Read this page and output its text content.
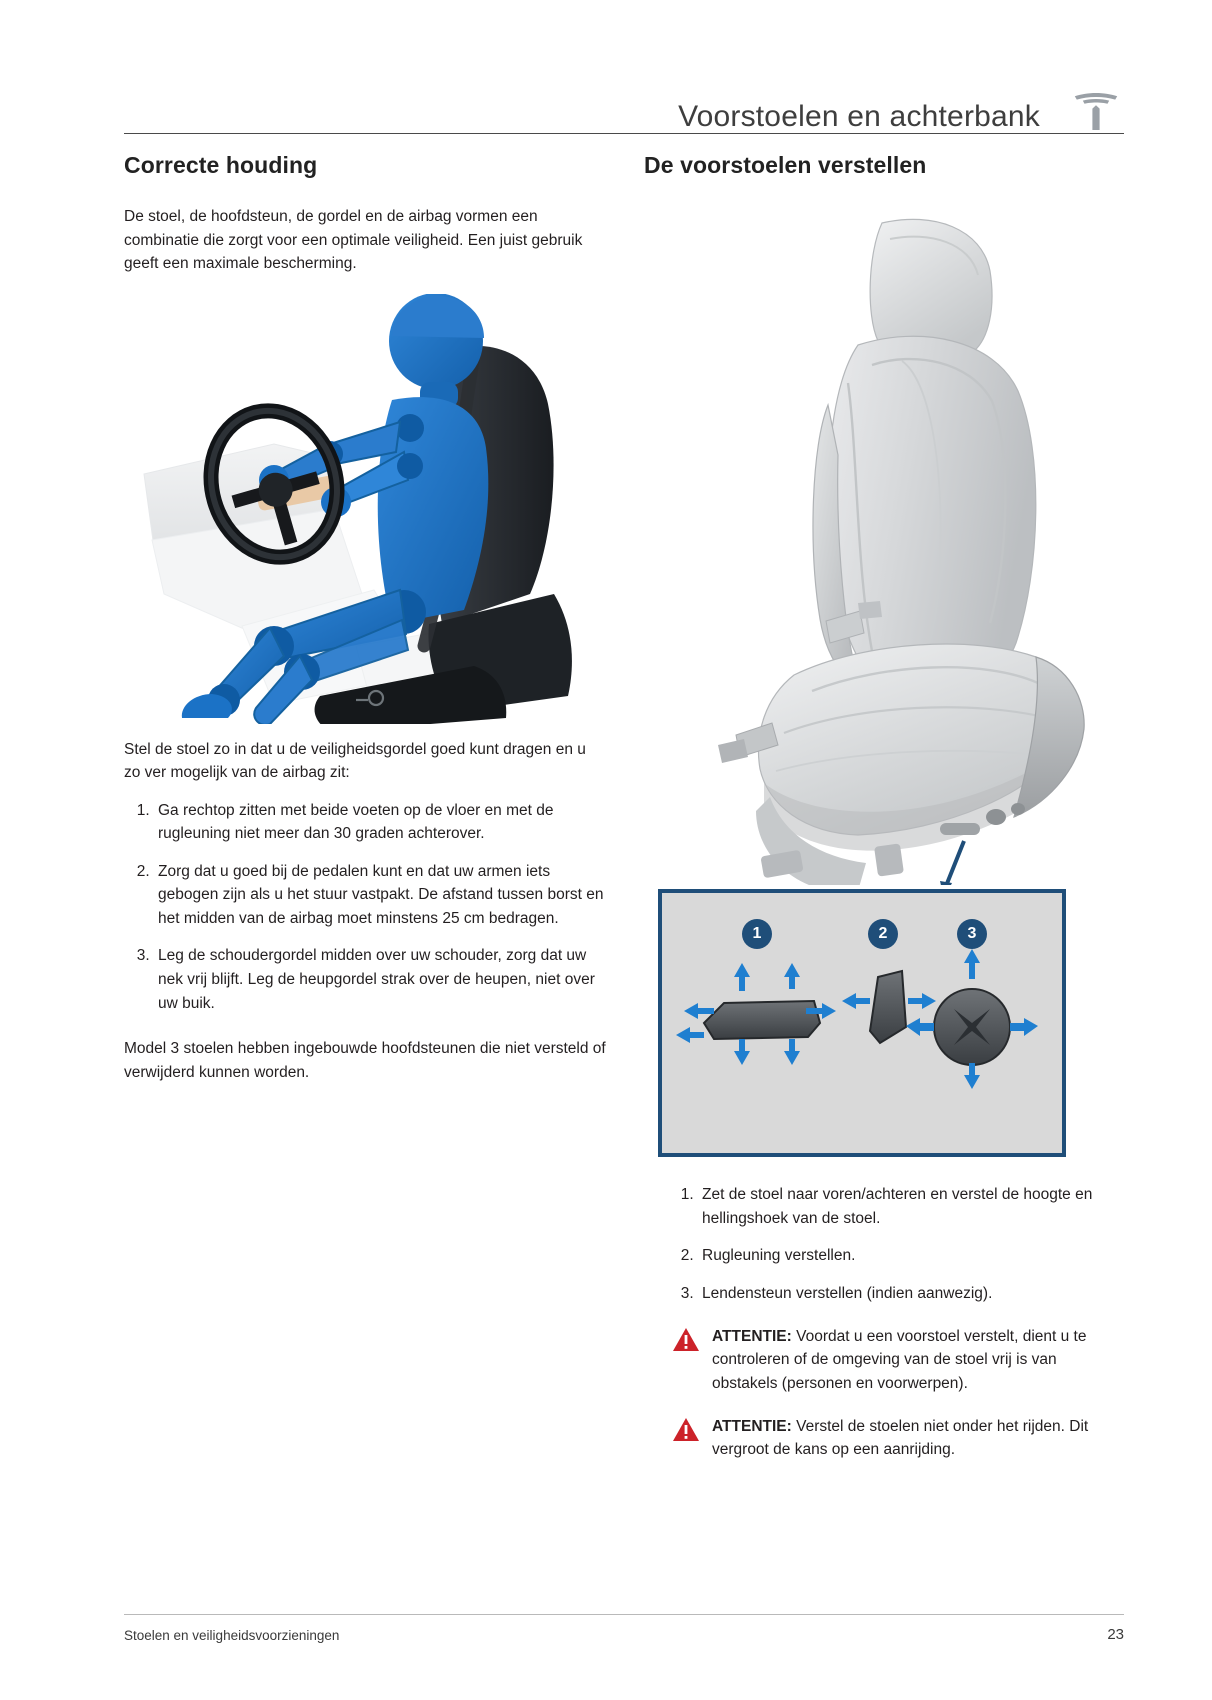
Voorstoelen en achterbank
Correcte houding

De stoel, de hoofdsteun, de gordel en de airbag vormen een combinatie die zorgt voor een optimale veiligheid. Een juist gebruik geeft een maximale bescherming.

Stel de stoel zo in dat u de veiligheidsgordel goed kunt dragen en u zo ver mogelijk van de airbag zit:

1. Ga rechtop zitten met beide voeten op de vloer en met de rugleuning niet meer dan 30 graden achterover.
2. Zorg dat u goed bij de pedalen kunt en dat uw armen iets gebogen zijn als u het stuur vastpakt. De afstand tussen borst en het midden van de airbag moet minstens 25 cm bedragen.
3. Leg de schoudergordel midden over uw schouder, zorg dat uw nek vrij blijft. Leg de heupgordel strak over de heupen, niet over uw buik.

Model 3 stoelen hebben ingebouwde hoofdsteunen die niet versteld of verwijderd kunnen worden.

De voorstoelen verstellen
1	2	3
1. Zet de stoel naar voren/achteren en verstel de hoogte en hellingshoek van de stoel.
2. Rugleuning verstellen.
3. Lendensteun verstellen (indien aanwezig).
ATTENTIE: Voordat u een voorstoel verstelt, dient u te controleren of de omgeving van de stoel vrij is van obstakels (personen en voorwerpen).
ATTENTIE: Verstel de stoelen niet onder het rijden. Dit vergroot de kans op een aanrijding.
Stoelen en veiligheidsvoorzieningen	23
